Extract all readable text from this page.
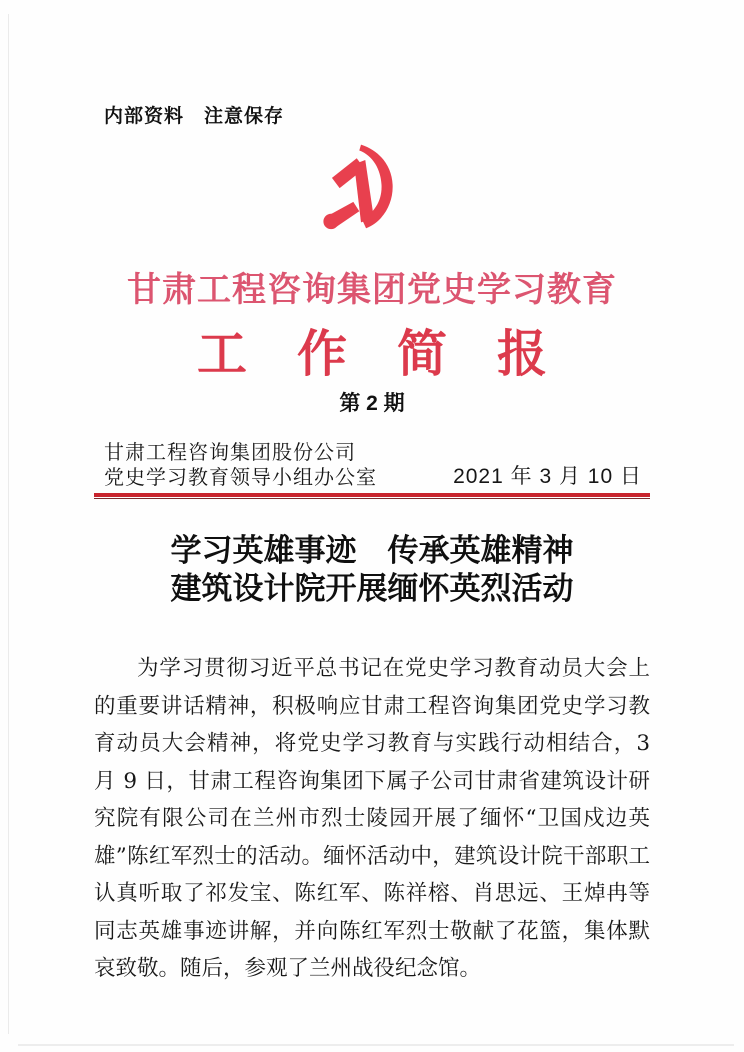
内部资料　注意保存
甘肃工程咨询集团党史学习教育
工　作　简　报
第 2 期
甘肃工程咨询集团股份公司
党史学习教育领导小组办公室	2021 年 3 月 10 日
学习英雄事迹　传承英雄精神
建筑设计院开展缅怀英烈活动

为学习贯彻习近平总书记在党史学习教育动员大会上的重要讲话精神，积极响应甘肃工程咨询集团党史学习教育动员大会精神，将党史学习教育与实践行动相结合，3 月 9 日，甘肃工程咨询集团下属子公司甘肃省建筑设计研究院有限公司在兰州市烈士陵园开展了缅怀“卫国戍边英雄”陈红军烈士的活动。缅怀活动中，建筑设计院干部职工认真听取了祁发宝、陈红军、陈祥榕、肖思远、王焯冉等同志英雄事迹讲解，并向陈红军烈士敬献了花篮，集体默哀致敬。随后，参观了兰州战役纪念馆。
